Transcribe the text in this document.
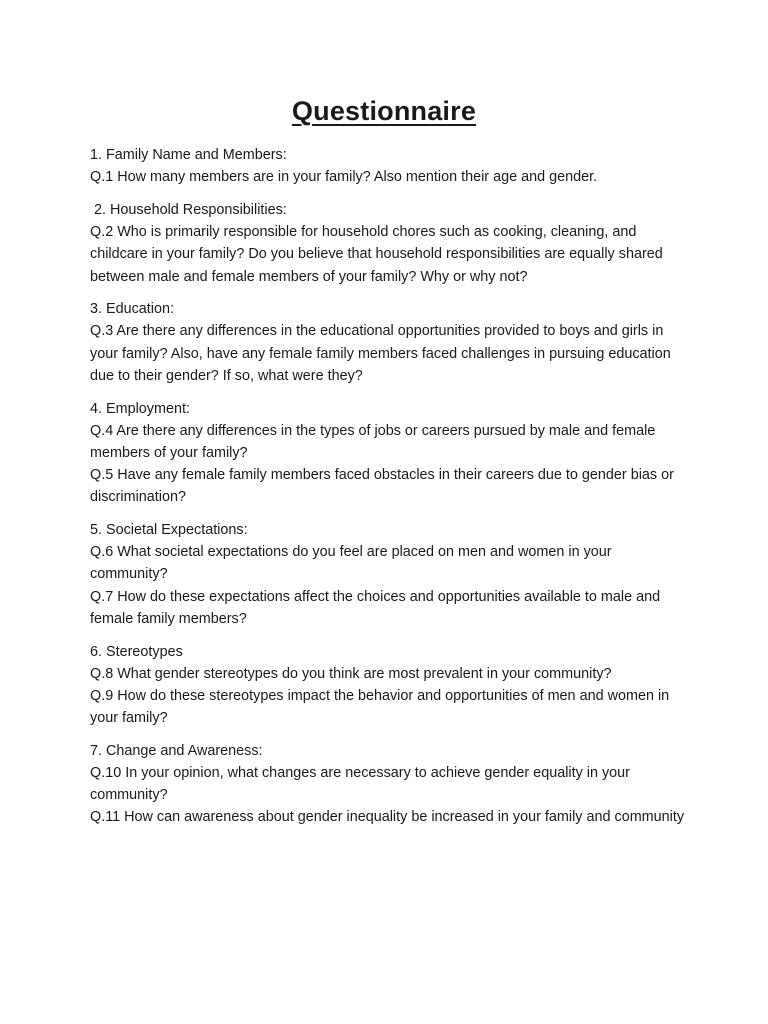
Questionnaire
1. Family Name and Members:
Q.1 How many members are in your family? Also mention their age and gender.
2. Household Responsibilities:
Q.2 Who is primarily responsible for household chores such as cooking, cleaning, and childcare in your family? Do you believe that household responsibilities are equally shared between male and female members of your family? Why or why not?
3. Education:
Q.3 Are there any differences in the educational opportunities provided to boys and girls in your family? Also, have any female family members faced challenges in pursuing education due to their gender? If so, what were they?
4. Employment:
Q.4 Are there any differences in the types of jobs or careers pursued by male and female members of your family?
Q.5 Have any female family members faced obstacles in their careers due to gender bias or discrimination?
5. Societal Expectations:
Q.6 What societal expectations do you feel are placed on men and women in your community?
Q.7 How do these expectations affect the choices and opportunities available to male and female family members?
6. Stereotypes
Q.8 What gender stereotypes do you think are most prevalent in your community?
Q.9 How do these stereotypes impact the behavior and opportunities of men and women in your family?
7. Change and Awareness:
Q.10 In your opinion, what changes are necessary to achieve gender equality in your community?
Q.11 How can awareness about gender inequality be increased in your family and community
